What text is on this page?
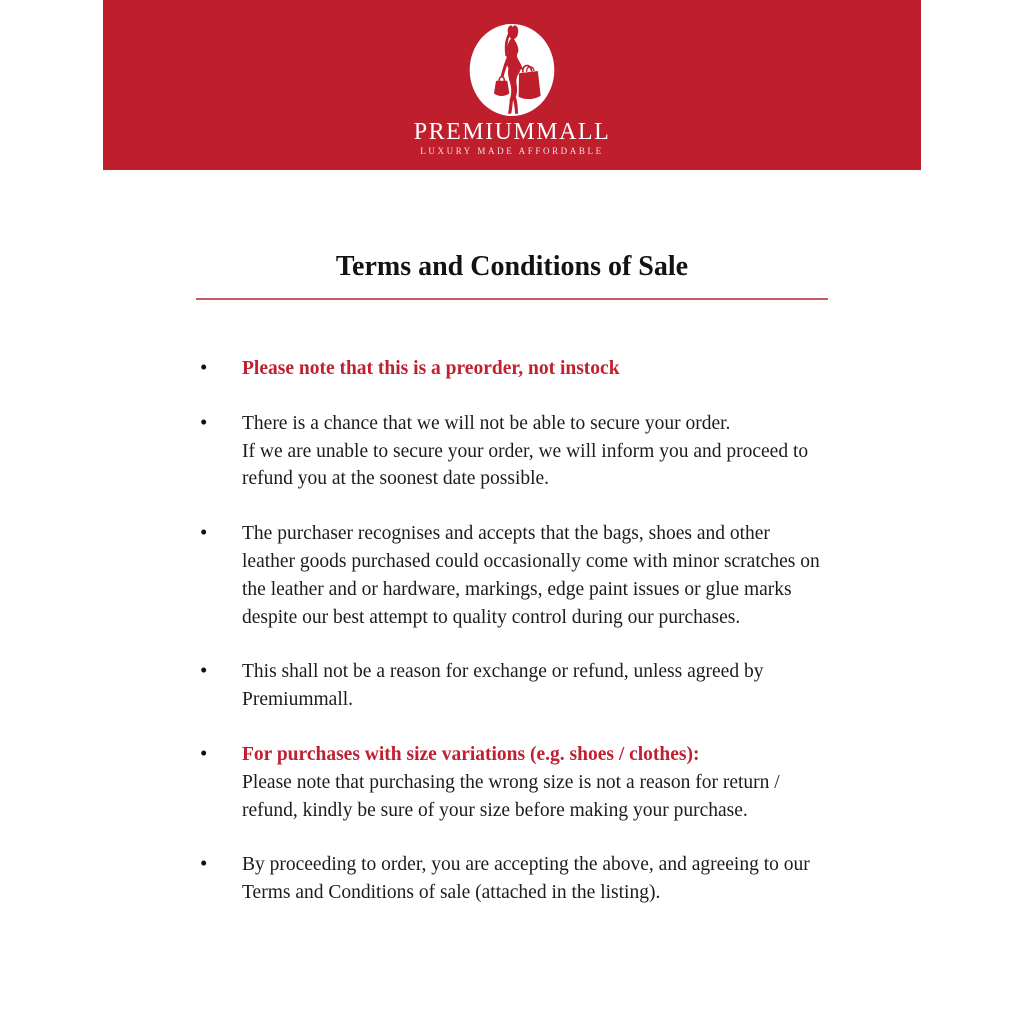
PREMIUMMALL
LUXURY MADE AFFORDABLE
Terms and Conditions of Sale
• Please note that this is a preorder, not instock
• There is a chance that we will not be able to secure your order.
If we are unable to secure your order, we will inform you and proceed to
refund you at the soonest date possible.
• The purchaser recognises and accepts that the bags, shoes and other
leather goods purchased could occasionally come with minor scratches on
the leather and or hardware, markings, edge paint issues or glue marks
despite our best attempt to quality control during our purchases.
• This shall not be a reason for exchange or refund, unless agreed by
Premiummall.
• For purchases with size variations (e.g. shoes / clothes):
Please note that purchasing the wrong size is not a reason for return /
refund, kindly be sure of your size before making your purchase.
• By proceeding to order, you are accepting the above, and agreeing to our
Terms and Conditions of sale (attached in the listing).
